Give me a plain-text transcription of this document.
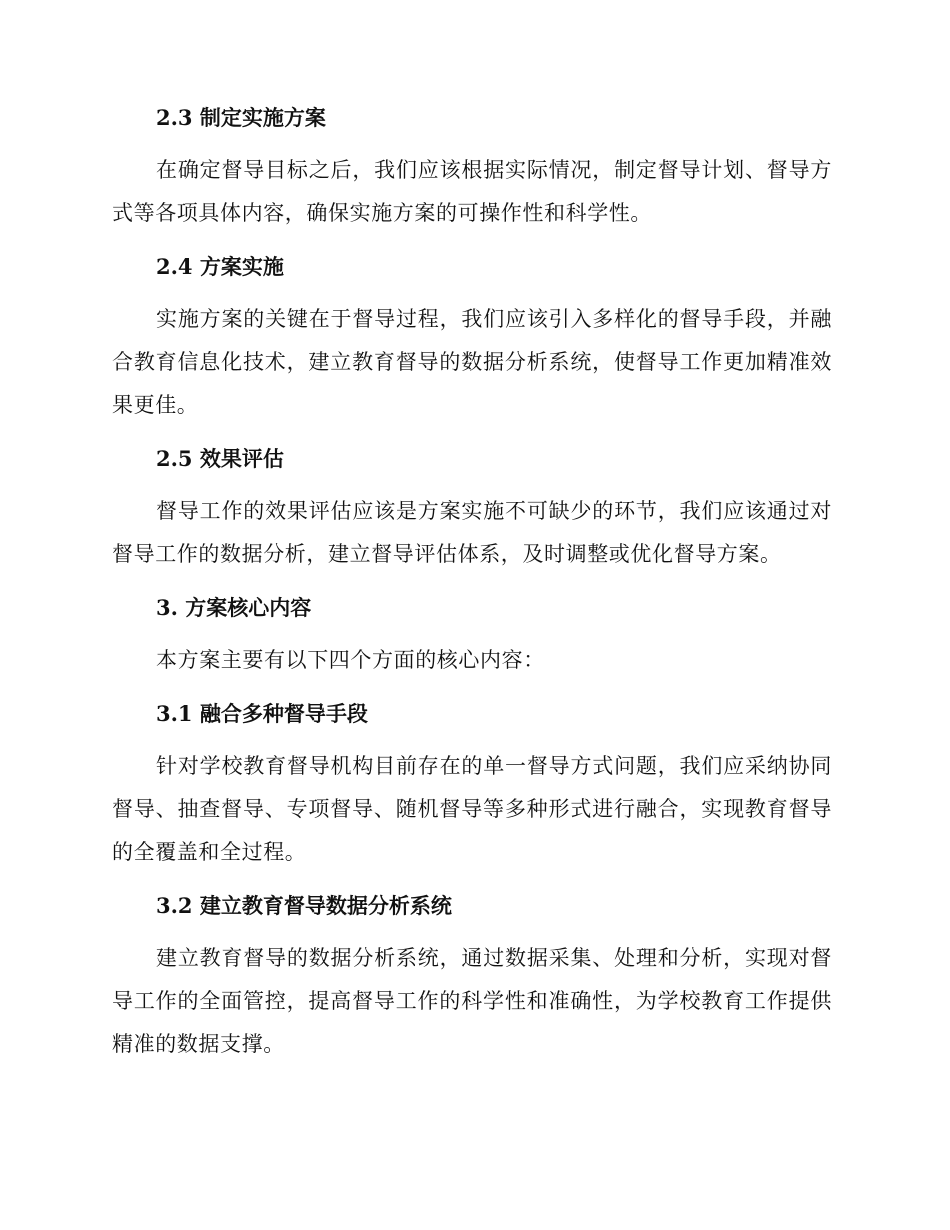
2.3 制定实施方案
在确定督导目标之后，我们应该根据实际情况，制定督导计划、督导方式等各项具体内容，确保实施方案的可操作性和科学性。
2.4 方案实施
实施方案的关键在于督导过程，我们应该引入多样化的督导手段，并融合教育信息化技术，建立教育督导的数据分析系统，使督导工作更加精准效果更佳。
2.5 效果评估
督导工作的效果评估应该是方案实施不可缺少的环节，我们应该通过对督导工作的数据分析，建立督导评估体系，及时调整或优化督导方案。
3. 方案核心内容
本方案主要有以下四个方面的核心内容：
3.1 融合多种督导手段
针对学校教育督导机构目前存在的单一督导方式问题，我们应采纳协同督导、抽查督导、专项督导、随机督导等多种形式进行融合，实现教育督导的全覆盖和全过程。
3.2 建立教育督导数据分析系统
建立教育督导的数据分析系统，通过数据采集、处理和分析，实现对督导工作的全面管控，提高督导工作的科学性和准确性，为学校教育工作提供精准的数据支撑。
